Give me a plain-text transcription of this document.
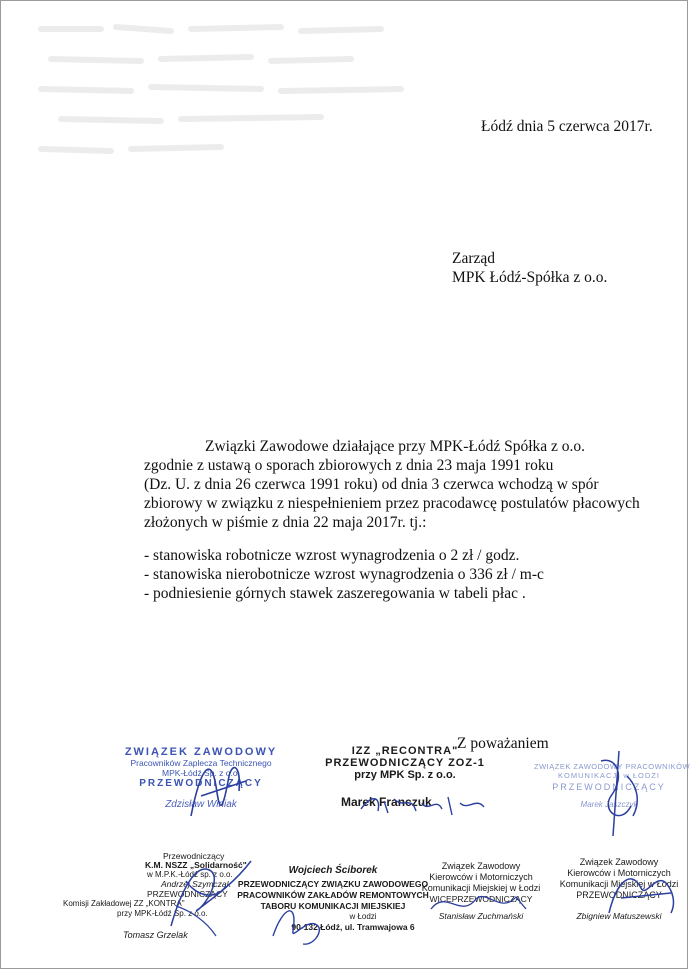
Łódź dnia 5 czerwca 2017r.
Zarząd
MPK Łódź-Spółka z o.o.
Związki Zawodowe działające przy MPK-Łódź Spółka z o.o.
zgodnie z ustawą o sporach zbiorowych z dnia 23 maja 1991 roku
(Dz. U. z dnia 26 czerwca 1991 roku) od dnia 3 czerwca wchodzą w spór
zbiorowy w związku z niespełnieniem przez pracodawcę postulatów płacowych
złożonych w piśmie z dnia 22 maja 2017r. tj.:
- stanowiska robotnicze wzrost wynagrodzenia o 2 zł / godz.
- stanowiska nierobotnicze wzrost wynagrodzenia o 336 zł / m-c
- podniesienie górnych stawek zaszeregowania w tabeli płac .
Z poważaniem
ZWIĄZEK ZAWODOWY
Pracowników Zaplecza Technicznego
MPK-Łódź Sp. z o.o.
PRZEWODNICZĄCY
Zdzisław Winiak
IZZ „RECONTRA"
PRZEWODNICZĄCY ZOZ-1
przy MPK Sp. z o.o.
Marek Franczuk
ZWIĄZEK ZAWODOWY PRACOWNIKÓW
KOMUNIKACJI w ŁODZI
PRZEWODNICZĄCY
Marek Jaszczyk
Przewodniczący
K.M. NSZZ „Solidarność"
w M.P.K.-Łódź sp. z o.o.
Andrzej Szymczak
PRZEWODNICZĄCY
Komisji Zakładowej ZZ „KONTRA"
przy MPK-Łódź Sp. z o.o.
Tomasz Grzelak
Wojciech Ściborek
PRZEWODNICZĄCY ZWIĄZKU ZAWODOWEGO
PRACOWNIKÓW ZAKŁADÓW REMONTOWYCH
TABORU KOMUNIKACJI MIEJSKIEJ
w Łodzi
90-132 Łódź, ul. Tramwajowa 6
Związek Zawodowy
Kierowców i Motorniczych
Komunikacji Miejskiej w Łodzi
WICEPRZEWODNICZĄCY
Stanisław Zuchmański
Związek Zawodowy
Kierowców i Motorniczych
Komunikacji Miejskiej w Łodzi
PRZEWODNICZĄCY
Zbigniew Matuszewski
